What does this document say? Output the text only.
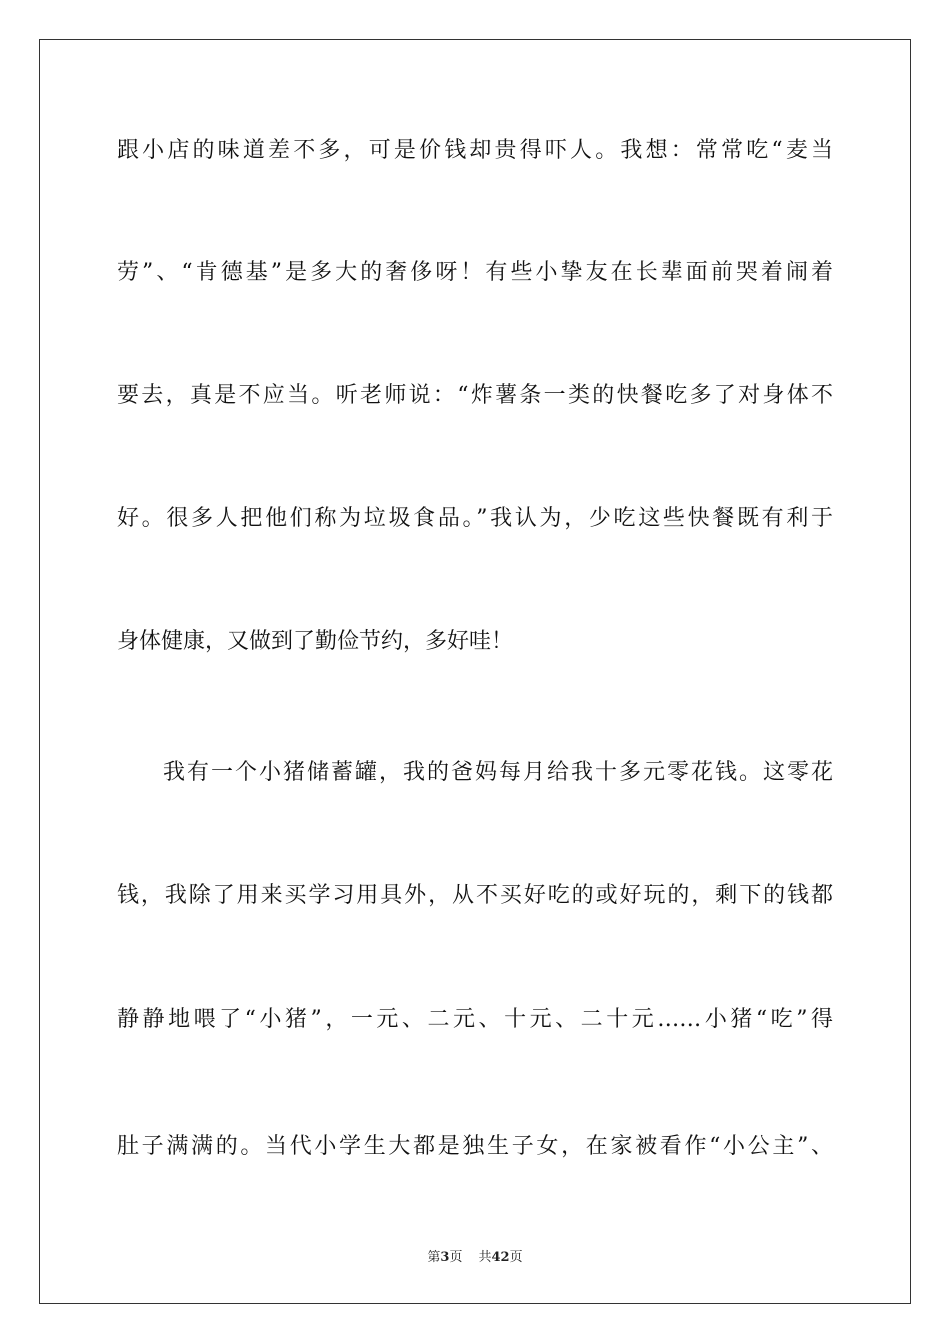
跟小店的味道差不多，可是价钱却贵得吓人。我想：常常吃“麦当
劳”、“肯德基”是多大的奢侈呀！有些小挚友在长辈面前哭着闹着
要去，真是不应当。听老师说：“炸薯条一类的快餐吃多了对身体不
好。很多人把他们称为垃圾食品。”我认为，少吃这些快餐既有利于
身体健康，又做到了勤俭节约，多好哇！
我有一个小猪储蓄罐，我的爸妈每月给我十多元零花钱。这零花
钱，我除了用来买学习用具外，从不买好吃的或好玩的，剩下的钱都
静静地喂了“小猪”，一元、二元、十元、二十元……小猪“吃”得
肚子满满的。当代小学生大都是独生子女，在家被看作“小公主”、
第3页 共42页
